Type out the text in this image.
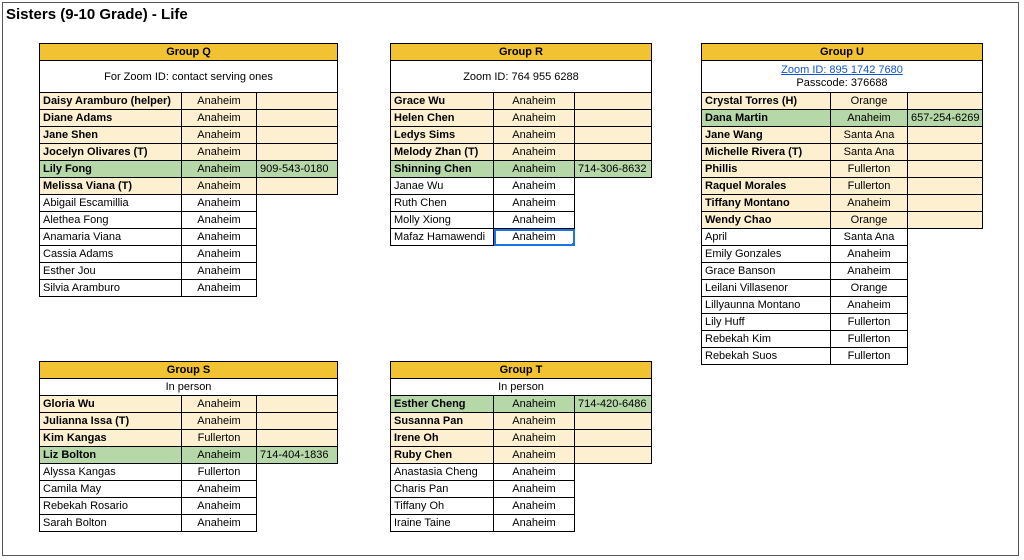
Sisters (9-10 Grade) - Life
Group Q		
For Zoom ID: contact serving ones		
Daisy Aramburo (helper)	Anaheim	
Diane Adams	Anaheim	
Jane Shen	Anaheim	
Jocelyn Olivares (T)	Anaheim	
Lily Fong	Anaheim	909-543-0180
Melissa Viana (T)	Anaheim	
Abigail Escamillia	Anaheim	
Alethea Fong	Anaheim	
Anamaria Viana	Anaheim	
Cassia Adams	Anaheim	
Esther Jou	Anaheim	
Silvia Aramburo	Anaheim	
Group R		
Zoom ID: 764 955 6288		
Grace Wu	Anaheim	
Helen Chen	Anaheim	
Ledys Sims	Anaheim	
Melody Zhan (T)	Anaheim	
Shinning Chen	Anaheim	714-306-8632
Janae Wu	Anaheim	
Ruth Chen	Anaheim	
Molly Xiong	Anaheim	
Mafaz Hamawendi	Anaheim

Group U		
Zoom ID: 895 1742 7680
Passcode: 376688		
Crystal Torres (H)	Orange	
Dana Martin	Anaheim	657-254-6269
Jane Wang	Santa Ana	
Michelle Rivera (T)	Santa Ana	
Phillis	Fullerton	
Raquel Morales	Fullerton	
Tiffany Montano	Anaheim	
Wendy Chao	Orange	
April	Santa Ana	
Emily Gonzales	Anaheim	
Grace Banson	Anaheim	
Leilani Villasenor	Orange	
Lillyaunna Montano	Anaheim	
Lily Huff	Fullerton	
Rebekah Kim	Fullerton	
Rebekah Suos	Fullerton	
Group S		
In person		
Gloria Wu	Anaheim	
Julianna Issa (T)	Anaheim	
Kim Kangas	Fullerton	
Liz Bolton	Anaheim	714-404-1836
Alyssa Kangas	Fullerton	
Camila May	Anaheim	
Rebekah Rosario	Anaheim	
Sarah Bolton	Anaheim	
Group T		
In person		
Esther Cheng	Anaheim	714-420-6486
Susanna Pan	Anaheim	
Irene Oh	Anaheim	
Ruby Chen	Anaheim	
Anastasia Cheng	Anaheim	
Charis Pan	Anaheim	
Tiffany Oh	Anaheim	
Iraine Taine	Anaheim	
